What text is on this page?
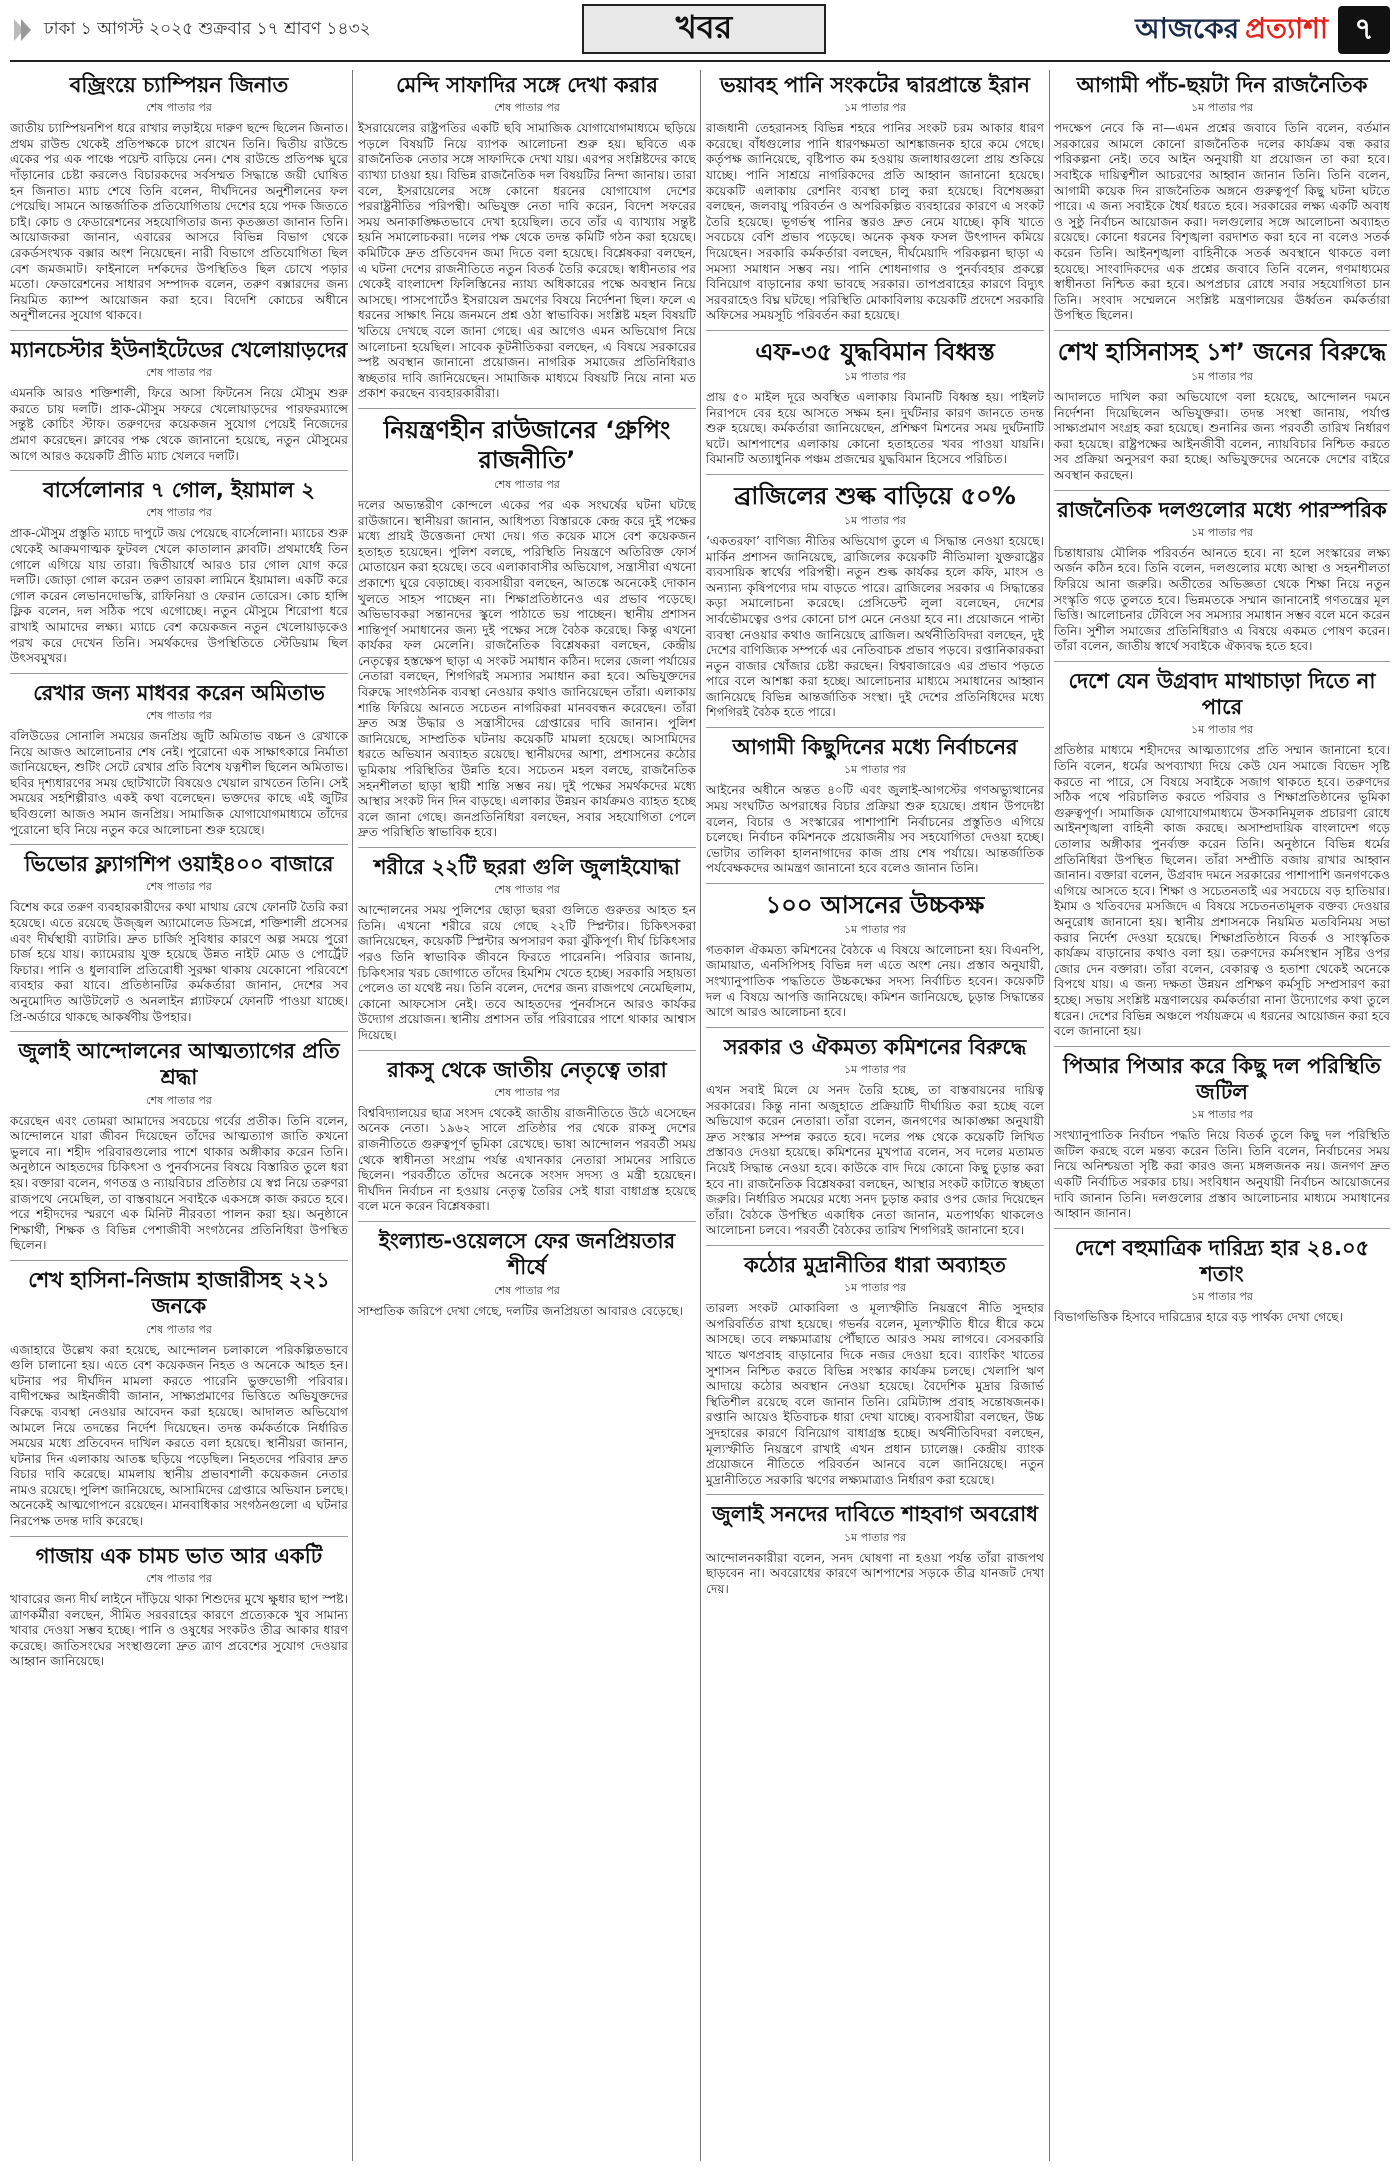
ঢাকা ১ আগস্ট ২০২৫ শুক্রবার ১৭ শ্রাবণ ১৪৩২	খবর	আজকের প্রত্যাশা ৭
বজ্রিংয়ে চ্যাম্পিয়ন জিনাত
শেষ পাতার পর
জাতীয় চ্যাম্পিয়নশিপ ধরে রাখার লড়াইয়ে দারুণ ছন্দে ছিলেন জিনাত। প্রথম রাউন্ড থেকেই প্রতিপক্ষকে চাপে রাখেন তিনি। দ্বিতীয় রাউন্ডে একের পর এক পাঞ্চে পয়েন্ট বাড়িয়ে নেন। শেষ রাউন্ডে প্রতিপক্ষ ঘুরে দাঁড়ানোর চেষ্টা করলেও বিচারকদের সর্বসম্মত সিদ্ধান্তে জয়ী ঘোষিত হন জিনাত। ম্যাচ শেষে তিনি বলেন, দীর্ঘদিনের অনুশীলনের ফল পেয়েছি। সামনে আন্তর্জাতিক প্রতিযোগিতায় দেশের হয়ে পদক জিততে চাই। কোচ ও ফেডারেশনের সহযোগিতার জন্য কৃতজ্ঞতা জানান তিনি। আয়োজকরা জানান, এবারের আসরে বিভিন্ন বিভাগ থেকে রেকর্ডসংখ্যক বক্সার অংশ নিয়েছেন। নারী বিভাগে প্রতিযোগিতা ছিল বেশ জমজমাট। ফাইনালে দর্শকদের উপস্থিতিও ছিল চোখে পড়ার মতো। ফেডারেশনের সাধারণ সম্পাদক বলেন, তরুণ বক্সারদের জন্য নিয়মিত ক্যাম্প আয়োজন করা হবে। বিদেশি কোচের অধীনে অনুশীলনের সুযোগ থাকবে।
ম্যানচেস্টার ইউনাইটেডের খেলোয়াড়দের
শেষ পাতার পর
এমনকি আরও শক্তিশালী, ফিরে আসা ফিটনেস নিয়ে মৌসুম শুরু করতে চায় দলটি। প্রাক-মৌসুম সফরে খেলোয়াড়দের পারফরম্যান্সে সন্তুষ্ট কোচিং স্টাফ। তরুণদের কয়েকজন সুযোগ পেয়েই নিজেদের প্রমাণ করেছেন। ক্লাবের পক্ষ থেকে জানানো হয়েছে, নতুন মৌসুমের আগে আরও কয়েকটি প্রীতি ম্যাচ খেলবে দলটি।
বার্সেলোনার ৭ গোল, ইয়ামাল ২
শেষ পাতার পর
প্রাক-মৌসুম প্রস্তুতি ম্যাচে দাপুটে জয় পেয়েছে বার্সেলোনা। ম্যাচের শুরু থেকেই আক্রমণাত্মক ফুটবল খেলে কাতালান ক্লাবটি। প্রথমার্ধেই তিন গোলে এগিয়ে যায় তারা। দ্বিতীয়ার্ধে আরও চার গোল যোগ করে দলটি। জোড়া গোল করেন তরুণ তারকা লামিনে ইয়ামাল। একটি করে গোল করেন লেভানদোভস্কি, রাফিনিয়া ও ফেরান তোরেস। কোচ হান্সি ফ্লিক বলেন, দল সঠিক পথে এগোচ্ছে। নতুন মৌসুমে শিরোপা ধরে রাখাই আমাদের লক্ষ্য। ম্যাচে বেশ কয়েকজন নতুন খেলোয়াড়কেও পরখ করে দেখেন তিনি। সমর্থকদের উপস্থিতিতে স্টেডিয়াম ছিল উৎসবমুখর।
রেখার জন্য মাধবর করেন অমিতাভ
শেষ পাতার পর
বলিউডের সোনালি সময়ের জনপ্রিয় জুটি অমিতাভ বচ্চন ও রেখাকে নিয়ে আজও আলোচনার শেষ নেই। পুরোনো এক সাক্ষাৎকারে নির্মাতা জানিয়েছেন, শুটিং সেটে রেখার প্রতি বিশেষ যত্নশীল ছিলেন অমিতাভ। ছবির দৃশ্যধারণের সময় ছোটখাটো বিষয়েও খেয়াল রাখতেন তিনি। সেই সময়ের সহশিল্পীরাও একই কথা বলেছেন। ভক্তদের কাছে এই জুটির ছবিগুলো আজও সমান জনপ্রিয়। সামাজিক যোগাযোগমাধ্যমে তাঁদের পুরোনো ছবি নিয়ে নতুন করে আলোচনা শুরু হয়েছে।
ভিভোর ফ্ল্যাগশিপ ওয়াই৪০০ বাজারে
শেষ পাতার পর
বিশেষ করে তরুণ ব্যবহারকারীদের কথা মাথায় রেখে ফোনটি তৈরি করা হয়েছে। এতে রয়েছে উজ্জ্বল অ্যামোলেড ডিসপ্লে, শক্তিশালী প্রসেসর এবং দীর্ঘস্থায়ী ব্যাটারি। দ্রুত চার্জিং সুবিধার কারণে অল্প সময়ে পুরো চার্জ হয়ে যায়। ক্যামেরায় যুক্ত হয়েছে উন্নত নাইট মোড ও পোর্ট্রেট ফিচার। পানি ও ধুলাবালি প্রতিরোধী সুরক্ষা থাকায় যেকোনো পরিবেশে ব্যবহার করা যাবে। প্রতিষ্ঠানটির কর্মকর্তারা জানান, দেশের সব অনুমোদিত আউটলেট ও অনলাইন প্ল্যাটফর্মে ফোনটি পাওয়া যাচ্ছে। প্রি-অর্ডারে থাকছে আকর্ষণীয় উপহার।
জুলাই আন্দোলনের আত্মত্যাগের প্রতি শ্রদ্ধা
শেষ পাতার পর
করেছেন এবং তোমরা আমাদের সবচেয়ে গর্বের প্রতীক। তিনি বলেন, আন্দোলনে যারা জীবন দিয়েছেন তাঁদের আত্মত্যাগ জাতি কখনো ভুলবে না। শহীদ পরিবারগুলোর পাশে থাকার অঙ্গীকার করেন তিনি। অনুষ্ঠানে আহতদের চিকিৎসা ও পুনর্বাসনের বিষয়ে বিস্তারিত তুলে ধরা হয়। বক্তারা বলেন, গণতন্ত্র ও ন্যায়বিচার প্রতিষ্ঠার যে স্বপ্ন নিয়ে তরুণরা রাজপথে নেমেছিল, তা বাস্তবায়নে সবাইকে একসঙ্গে কাজ করতে হবে। পরে শহীদদের স্মরণে এক মিনিট নীরবতা পালন করা হয়। অনুষ্ঠানে শিক্ষার্থী, শিক্ষক ও বিভিন্ন পেশাজীবী সংগঠনের প্রতিনিধিরা উপস্থিত ছিলেন।
শেখ হাসিনা-নিজাম হাজারীসহ ২২১ জনকে
শেষ পাতার পর
এজাহারে উল্লেখ করা হয়েছে, আন্দোলন চলাকালে পরিকল্পিতভাবে গুলি চালানো হয়। এতে বেশ কয়েকজন নিহত ও অনেকে আহত হন। ঘটনার পর দীর্ঘদিন মামলা করতে পারেনি ভুক্তভোগী পরিবার। বাদীপক্ষের আইনজীবী জানান, সাক্ষ্যপ্রমাণের ভিত্তিতে অভিযুক্তদের বিরুদ্ধে ব্যবস্থা নেওয়ার আবেদন করা হয়েছে। আদালত অভিযোগ আমলে নিয়ে তদন্তের নির্দেশ দিয়েছেন। তদন্ত কর্মকর্তাকে নির্ধারিত সময়ের মধ্যে প্রতিবেদন দাখিল করতে বলা হয়েছে। স্থানীয়রা জানান, ঘটনার দিন এলাকায় আতঙ্ক ছড়িয়ে পড়েছিল। নিহতদের পরিবার দ্রুত বিচার দাবি করেছে। মামলায় স্থানীয় প্রভাবশালী কয়েকজন নেতার নামও রয়েছে। পুলিশ জানিয়েছে, আসামিদের গ্রেপ্তারে অভিযান চলছে। অনেকেই আত্মগোপনে রয়েছেন। মানবাধিকার সংগঠনগুলো এ ঘটনার নিরপেক্ষ তদন্ত দাবি করেছে।
গাজায় এক চামচ ভাত আর একটি
শেষ পাতার পর
খাবারের জন্য দীর্ঘ লাইনে দাঁড়িয়ে থাকা শিশুদের মুখে ক্ষুধার ছাপ স্পষ্ট। ত্রাণকর্মীরা বলছেন, সীমিত সরবরাহের কারণে প্রত্যেককে খুব সামান্য খাবার দেওয়া সম্ভব হচ্ছে। পানি ও ওষুধের সংকটও তীব্র আকার ধারণ করেছে। জাতিসংঘের সংস্থাগুলো দ্রুত ত্রাণ প্রবেশের সুযোগ দেওয়ার আহ্বান জানিয়েছে।
মেন্দি সাফাদির সঙ্গে দেখা করার
শেষ পাতার পর
ইসরায়েলের রাষ্ট্রপতির একটি ছবি সামাজিক যোগাযোগমাধ্যমে ছড়িয়ে পড়লে বিষয়টি নিয়ে ব্যাপক আলোচনা শুরু হয়। ছবিতে এক রাজনৈতিক নেতার সঙ্গে সাফাদিকে দেখা যায়। এরপর সংশ্লিষ্টদের কাছে ব্যাখ্যা চাওয়া হয়। বিভিন্ন রাজনৈতিক দল বিষয়টির নিন্দা জানায়। তারা বলে, ইসরায়েলের সঙ্গে কোনো ধরনের যোগাযোগ দেশের পররাষ্ট্রনীতির পরিপন্থী। অভিযুক্ত নেতা দাবি করেন, বিদেশ সফরের সময় অনাকাঙ্ক্ষিতভাবে দেখা হয়েছিল। তবে তাঁর এ ব্যাখ্যায় সন্তুষ্ট হয়নি সমালোচকরা। দলের পক্ষ থেকে তদন্ত কমিটি গঠন করা হয়েছে। কমিটিকে দ্রুত প্রতিবেদন জমা দিতে বলা হয়েছে। বিশ্লেষকরা বলছেন, এ ঘটনা দেশের রাজনীতিতে নতুন বিতর্ক তৈরি করেছে। স্বাধীনতার পর থেকেই বাংলাদেশ ফিলিস্তিনের ন্যায্য অধিকারের পক্ষে অবস্থান নিয়ে আসছে। পাসপোর্টেও ইসরায়েল ভ্রমণের বিষয়ে নির্দেশনা ছিল। ফলে এ ধরনের সাক্ষাৎ নিয়ে জনমনে প্রশ্ন ওঠা স্বাভাবিক। সংশ্লিষ্ট মহল বিষয়টি খতিয়ে দেখছে বলে জানা গেছে। এর আগেও এমন অভিযোগ নিয়ে আলোচনা হয়েছিল। সাবেক কূটনীতিকরা বলছেন, এ বিষয়ে সরকারের স্পষ্ট অবস্থান জানানো প্রয়োজন। নাগরিক সমাজের প্রতিনিধিরাও স্বচ্ছতার দাবি জানিয়েছেন। সামাজিক মাধ্যমে বিষয়টি নিয়ে নানা মত প্রকাশ করছেন ব্যবহারকারীরা।
নিয়ন্ত্রণহীন রাউজানের ‘গ্রুপিং রাজনীতি’
শেষ পাতার পর
দলের অভ্যন্তরীণ কোন্দলে একের পর এক সংঘর্ষের ঘটনা ঘটছে রাউজানে। স্থানীয়রা জানান, আধিপত্য বিস্তারকে কেন্দ্র করে দুই পক্ষের মধ্যে প্রায়ই উত্তেজনা দেখা দেয়। গত কয়েক মাসে বেশ কয়েকজন হতাহত হয়েছেন। পুলিশ বলছে, পরিস্থিতি নিয়ন্ত্রণে অতিরিক্ত ফোর্স মোতায়েন করা হয়েছে। তবে এলাকাবাসীর অভিযোগ, সন্ত্রাসীরা এখনো প্রকাশ্যে ঘুরে বেড়াচ্ছে। ব্যবসায়ীরা বলছেন, আতঙ্কে অনেকেই দোকান খুলতে সাহস পাচ্ছেন না। শিক্ষাপ্রতিষ্ঠানেও এর প্রভাব পড়েছে। অভিভাবকরা সন্তানদের স্কুলে পাঠাতে ভয় পাচ্ছেন। স্থানীয় প্রশাসন শান্তিপূর্ণ সমাধানের জন্য দুই পক্ষের সঙ্গে বৈঠক করেছে। কিন্তু এখনো কার্যকর ফল মেলেনি। রাজনৈতিক বিশ্লেষকরা বলছেন, কেন্দ্রীয় নেতৃত্বের হস্তক্ষেপ ছাড়া এ সংকট সমাধান কঠিন। দলের জেলা পর্যায়ের নেতারা বলছেন, শিগগিরই সমস্যার সমাধান করা হবে। অভিযুক্তদের বিরুদ্ধে সাংগঠনিক ব্যবস্থা নেওয়ার কথাও জানিয়েছেন তাঁরা। এলাকায় শান্তি ফিরিয়ে আনতে সচেতন নাগরিকরা মানববন্ধন করেছেন। তাঁরা দ্রুত অস্ত্র উদ্ধার ও সন্ত্রাসীদের গ্রেপ্তারের দাবি জানান। পুলিশ জানিয়েছে, সাম্প্রতিক ঘটনায় কয়েকটি মামলা হয়েছে। আসামিদের ধরতে অভিযান অব্যাহত রয়েছে। স্থানীয়দের আশা, প্রশাসনের কঠোর ভূমিকায় পরিস্থিতির উন্নতি হবে। সচেতন মহল বলছে, রাজনৈতিক সহনশীলতা ছাড়া স্থায়ী শান্তি সম্ভব নয়। দুই পক্ষের সমর্থকদের মধ্যে আস্থার সংকট দিন দিন বাড়ছে। এলাকার উন্নয়ন কার্যক্রমও ব্যাহত হচ্ছে বলে জানা গেছে। জনপ্রতিনিধিরা বলছেন, সবার সহযোগিতা পেলে দ্রুত পরিস্থিতি স্বাভাবিক হবে।
শরীরে ২২টি ছররা গুলি জুলাইযোদ্ধা
শেষ পাতার পর
আন্দোলনের সময় পুলিশের ছোড়া ছররা গুলিতে গুরুতর আহত হন তিনি। এখনো শরীরে রয়ে গেছে ২২টি স্প্লিন্টার। চিকিৎসকরা জানিয়েছেন, কয়েকটি স্প্লিন্টার অপসারণ করা ঝুঁকিপূর্ণ। দীর্ঘ চিকিৎসার পরও তিনি স্বাভাবিক জীবনে ফিরতে পারেননি। পরিবার জানায়, চিকিৎসার খরচ জোগাতে তাঁদের হিমশিম খেতে হচ্ছে। সরকারি সহায়তা পেলেও তা যথেষ্ট নয়। তিনি বলেন, দেশের জন্য রাজপথে নেমেছিলাম, কোনো আফসোস নেই। তবে আহতদের পুনর্বাসনে আরও কার্যকর উদ্যোগ প্রয়োজন। স্থানীয় প্রশাসন তাঁর পরিবারের পাশে থাকার আশ্বাস দিয়েছে।
রাকসু থেকে জাতীয় নেতৃত্বে তারা
শেষ পাতার পর
বিশ্ববিদ্যালয়ের ছাত্র সংসদ থেকেই জাতীয় রাজনীতিতে উঠে এসেছেন অনেক নেতা। ১৯৬২ সালে প্রতিষ্ঠার পর থেকে রাকসু দেশের রাজনীতিতে গুরুত্বপূর্ণ ভূমিকা রেখেছে। ভাষা আন্দোলন পরবর্তী সময় থেকে স্বাধীনতা সংগ্রাম পর্যন্ত এখানকার নেতারা সামনের সারিতে ছিলেন। পরবর্তীতে তাঁদের অনেকে সংসদ সদস্য ও মন্ত্রী হয়েছেন। দীর্ঘদিন নির্বাচন না হওয়ায় নেতৃত্ব তৈরির সেই ধারা বাধাগ্রস্ত হয়েছে বলে মনে করেন বিশ্লেষকরা।
ইংল্যান্ড-ওয়েলসে ফের জনপ্রিয়তার শীর্ষে
শেষ পাতার পর
সাম্প্রতিক জরিপে দেখা গেছে, দলটির জনপ্রিয়তা আবারও বেড়েছে।
ভয়াবহ পানি সংকটের দ্বারপ্রান্তে ইরান
১ম পাতার পর
রাজধানী তেহরানসহ বিভিন্ন শহরে পানির সংকট চরম আকার ধারণ করেছে। বাঁধগুলোর পানি ধারণক্ষমতা আশঙ্কাজনক হারে কমে গেছে। কর্তৃপক্ষ জানিয়েছে, বৃষ্টিপাত কম হওয়ায় জলাধারগুলো প্রায় শুকিয়ে যাচ্ছে। পানি সাশ্রয়ে নাগরিকদের প্রতি আহ্বান জানানো হয়েছে। কয়েকটি এলাকায় রেশনিং ব্যবস্থা চালু করা হয়েছে। বিশেষজ্ঞরা বলছেন, জলবায়ু পরিবর্তন ও অপরিকল্পিত ব্যবহারের কারণে এ সংকট তৈরি হয়েছে। ভূগর্ভস্থ পানির স্তরও দ্রুত নেমে যাচ্ছে। কৃষি খাতে সবচেয়ে বেশি প্রভাব পড়েছে। অনেক কৃষক ফসল উৎপাদন কমিয়ে দিয়েছেন। সরকারি কর্মকর্তারা বলছেন, দীর্ঘমেয়াদি পরিকল্পনা ছাড়া এ সমস্যা সমাধান সম্ভব নয়। পানি শোধনাগার ও পুনর্ব্যবহার প্রকল্পে বিনিয়োগ বাড়ানোর কথা ভাবছে সরকার। তাপপ্রবাহের কারণে বিদ্যুৎ সরবরাহেও বিঘ্ন ঘটছে। পরিস্থিতি মোকাবিলায় কয়েকটি প্রদেশে সরকারি অফিসের সময়সূচি পরিবর্তন করা হয়েছে।
এফ-৩৫ যুদ্ধবিমান বিধ্বস্ত
১ম পাতার পর
প্রায় ৫০ মাইল দূরে অবস্থিত এলাকায় বিমানটি বিধ্বস্ত হয়। পাইলট নিরাপদে বের হয়ে আসতে সক্ষম হন। দুর্ঘটনার কারণ জানতে তদন্ত শুরু হয়েছে। কর্মকর্তারা জানিয়েছেন, প্রশিক্ষণ মিশনের সময় দুর্ঘটনাটি ঘটে। আশপাশের এলাকায় কোনো হতাহতের খবর পাওয়া যায়নি। বিমানটি অত্যাধুনিক পঞ্চম প্রজন্মের যুদ্ধবিমান হিসেবে পরিচিত।
ব্রাজিলের শুল্ক বাড়িয়ে ৫০%
১ম পাতার পর
‘একতরফা’ বাণিজ্য নীতির অভিযোগ তুলে এ সিদ্ধান্ত নেওয়া হয়েছে। মার্কিন প্রশাসন জানিয়েছে, ব্রাজিলের কয়েকটি নীতিমালা যুক্তরাষ্ট্রের ব্যবসায়িক স্বার্থের পরিপন্থী। নতুন শুল্ক কার্যকর হলে কফি, মাংস ও অন্যান্য কৃষিপণ্যের দাম বাড়তে পারে। ব্রাজিলের সরকার এ সিদ্ধান্তের কড়া সমালোচনা করেছে। প্রেসিডেন্ট লুলা বলেছেন, দেশের সার্বভৌমত্বের ওপর কোনো চাপ মেনে নেওয়া হবে না। প্রয়োজনে পাল্টা ব্যবস্থা নেওয়ার কথাও জানিয়েছে ব্রাজিল। অর্থনীতিবিদরা বলছেন, দুই দেশের বাণিজ্যিক সম্পর্কে এর নেতিবাচক প্রভাব পড়বে। রপ্তানিকারকরা নতুন বাজার খোঁজার চেষ্টা করছেন। বিশ্ববাজারেও এর প্রভাব পড়তে পারে বলে আশঙ্কা করা হচ্ছে। আলোচনার মাধ্যমে সমাধানের আহ্বান জানিয়েছে বিভিন্ন আন্তর্জাতিক সংস্থা। দুই দেশের প্রতিনিধিদের মধ্যে শিগগিরই বৈঠক হতে পারে।
আগামী কিছুদিনের মধ্যে নির্বাচনের
১ম পাতার পর
আইনের অধীনে অন্তত ৪০টি এবং জুলাই-আগস্টের গণঅভ্যুত্থানের সময় সংঘটিত অপরাধের বিচার প্রক্রিয়া শুরু হয়েছে। প্রধান উপদেষ্টা বলেন, বিচার ও সংস্কারের পাশাপাশি নির্বাচনের প্রস্তুতিও এগিয়ে চলেছে। নির্বাচন কমিশনকে প্রয়োজনীয় সব সহযোগিতা দেওয়া হচ্ছে। ভোটার তালিকা হালনাগাদের কাজ প্রায় শেষ পর্যায়ে। আন্তর্জাতিক পর্যবেক্ষকদের আমন্ত্রণ জানানো হবে বলেও জানান তিনি।
১০০ আসনের উচ্চকক্ষ
১ম পাতার পর
গতকাল ঐকমত্য কমিশনের বৈঠকে এ বিষয়ে আলোচনা হয়। বিএনপি, জামায়াত, এনসিপিসহ বিভিন্ন দল এতে অংশ নেয়। প্রস্তাব অনুযায়ী, সংখ্যানুপাতিক পদ্ধতিতে উচ্চকক্ষের সদস্য নির্বাচিত হবেন। কয়েকটি দল এ বিষয়ে আপত্তি জানিয়েছে। কমিশন জানিয়েছে, চূড়ান্ত সিদ্ধান্তের আগে আরও আলোচনা হবে।
সরকার ও ঐকমত্য কমিশনের বিরুদ্ধে
১ম পাতার পর
এখন সবাই মিলে যে সনদ তৈরি হচ্ছে, তা বাস্তবায়নের দায়িত্ব সরকারের। কিন্তু নানা অজুহাতে প্রক্রিয়াটি দীর্ঘায়িত করা হচ্ছে বলে অভিযোগ করেন নেতারা। তাঁরা বলেন, জনগণের আকাঙ্ক্ষা অনুযায়ী দ্রুত সংস্কার সম্পন্ন করতে হবে। দলের পক্ষ থেকে কয়েকটি লিখিত প্রস্তাবও দেওয়া হয়েছে। কমিশনের মুখপাত্র বলেন, সব দলের মতামত নিয়েই সিদ্ধান্ত নেওয়া হবে। কাউকে বাদ দিয়ে কোনো কিছু চূড়ান্ত করা হবে না। রাজনৈতিক বিশ্লেষকরা বলছেন, আস্থার সংকট কাটাতে স্বচ্ছতা জরুরি। নির্ধারিত সময়ের মধ্যে সনদ চূড়ান্ত করার ওপর জোর দিয়েছেন তাঁরা। বৈঠকে উপস্থিত একাধিক নেতা জানান, মতপার্থক্য থাকলেও আলোচনা চলবে। পরবর্তী বৈঠকের তারিখ শিগগিরই জানানো হবে।
কঠোর মুদ্রানীতির ধারা অব্যাহত
১ম পাতার পর
তারল্য সংকট মোকাবিলা ও মূল্যস্ফীতি নিয়ন্ত্রণে নীতি সুদহার অপরিবর্তিত রাখা হয়েছে। গভর্নর বলেন, মূল্যস্ফীতি ধীরে ধীরে কমে আসছে। তবে লক্ষ্যমাত্রায় পৌঁছাতে আরও সময় লাগবে। বেসরকারি খাতে ঋণপ্রবাহ বাড়ানোর দিকে নজর দেওয়া হবে। ব্যাংকিং খাতের সুশাসন নিশ্চিত করতে বিভিন্ন সংস্কার কার্যক্রম চলছে। খেলাপি ঋণ আদায়ে কঠোর অবস্থান নেওয়া হয়েছে। বৈদেশিক মুদ্রার রিজার্ভ স্থিতিশীল রয়েছে বলে জানান তিনি। রেমিট্যান্স প্রবাহ সন্তোষজনক। রপ্তানি আয়েও ইতিবাচক ধারা দেখা যাচ্ছে। ব্যবসায়ীরা বলছেন, উচ্চ সুদহারের কারণে বিনিয়োগ বাধাগ্রস্ত হচ্ছে। অর্থনীতিবিদরা বলছেন, মূল্যস্ফীতি নিয়ন্ত্রণে রাখাই এখন প্রধান চ্যালেঞ্জ। কেন্দ্রীয় ব্যাংক প্রয়োজনে নীতিতে পরিবর্তন আনবে বলে জানিয়েছে। নতুন মুদ্রানীতিতে সরকারি ঋণের লক্ষ্যমাত্রাও নির্ধারণ করা হয়েছে।
জুলাই সনদের দাবিতে শাহবাগ অবরোধ
১ম পাতার পর
আন্দোলনকারীরা বলেন, সনদ ঘোষণা না হওয়া পর্যন্ত তাঁরা রাজপথ ছাড়বেন না। অবরোধের কারণে আশপাশের সড়কে তীব্র যানজট দেখা দেয়।
আগামী পাঁচ-ছয়টা দিন রাজনৈতিক
১ম পাতার পর
পদক্ষেপ নেবে কি না—এমন প্রশ্নের জবাবে তিনি বলেন, বর্তমান সরকারের আমলে কোনো রাজনৈতিক দলের কার্যক্রম বন্ধ করার পরিকল্পনা নেই। তবে আইন অনুযায়ী যা প্রয়োজন তা করা হবে। সবাইকে দায়িত্বশীল আচরণের আহ্বান জানান তিনি। তিনি বলেন, আগামী কয়েক দিন রাজনৈতিক অঙ্গনে গুরুত্বপূর্ণ কিছু ঘটনা ঘটতে পারে। এ জন্য সবাইকে ধৈর্য ধরতে হবে। সরকারের লক্ষ্য একটি অবাধ ও সুষ্ঠু নির্বাচন আয়োজন করা। দলগুলোর সঙ্গে আলোচনা অব্যাহত রয়েছে। কোনো ধরনের বিশৃঙ্খলা বরদাশত করা হবে না বলেও সতর্ক করেন তিনি। আইনশৃঙ্খলা বাহিনীকে সতর্ক অবস্থানে থাকতে বলা হয়েছে। সাংবাদিকদের এক প্রশ্নের জবাবে তিনি বলেন, গণমাধ্যমের স্বাধীনতা নিশ্চিত করা হবে। অপপ্রচার রোধে সবার সহযোগিতা চান তিনি। সংবাদ সম্মেলনে সংশ্লিষ্ট মন্ত্রণালয়ের ঊর্ধ্বতন কর্মকর্তারা উপস্থিত ছিলেন।
শেখ হাসিনাসহ ১শ’ জনের বিরুদ্ধে
১ম পাতার পর
আদালতে দাখিল করা অভিযোগে বলা হয়েছে, আন্দোলন দমনে নির্দেশনা দিয়েছিলেন অভিযুক্তরা। তদন্ত সংস্থা জানায়, পর্যাপ্ত সাক্ষ্যপ্রমাণ সংগ্রহ করা হয়েছে। শুনানির জন্য পরবর্তী তারিখ নির্ধারণ করা হয়েছে। রাষ্ট্রপক্ষের আইনজীবী বলেন, ন্যায়বিচার নিশ্চিত করতে সব প্রক্রিয়া অনুসরণ করা হচ্ছে। অভিযুক্তদের অনেকে দেশের বাইরে অবস্থান করছেন।
রাজনৈতিক দলগুলোর মধ্যে পারস্পরিক
১ম পাতার পর
চিন্তাধারায় মৌলিক পরিবর্তন আনতে হবে। না হলে সংস্কারের লক্ষ্য অর্জন কঠিন হবে। তিনি বলেন, দলগুলোর মধ্যে আস্থা ও সহনশীলতা ফিরিয়ে আনা জরুরি। অতীতের অভিজ্ঞতা থেকে শিক্ষা নিয়ে নতুন সংস্কৃতি গড়ে তুলতে হবে। ভিন্নমতকে সম্মান জানানোই গণতন্ত্রের মূল ভিত্তি। আলোচনার টেবিলে সব সমস্যার সমাধান সম্ভব বলে মনে করেন তিনি। সুশীল সমাজের প্রতিনিধিরাও এ বিষয়ে একমত পোষণ করেন। তাঁরা বলেন, জাতীয় স্বার্থে সবাইকে ঐক্যবদ্ধ হতে হবে।
দেশে যেন উগ্রবাদ মাথাচাড়া দিতে না পারে
১ম পাতার পর
প্রতিষ্ঠার মাধ্যমে শহীদদের আত্মত্যাগের প্রতি সম্মান জানানো হবে। তিনি বলেন, ধর্মের অপব্যাখ্যা দিয়ে কেউ যেন সমাজে বিভেদ সৃষ্টি করতে না পারে, সে বিষয়ে সবাইকে সজাগ থাকতে হবে। তরুণদের সঠিক পথে পরিচালিত করতে পরিবার ও শিক্ষাপ্রতিষ্ঠানের ভূমিকা গুরুত্বপূর্ণ। সামাজিক যোগাযোগমাধ্যমে উসকানিমূলক প্রচারণা রোধে আইনশৃঙ্খলা বাহিনী কাজ করছে। অসাম্প্রদায়িক বাংলাদেশ গড়ে তোলার অঙ্গীকার পুনর্ব্যক্ত করেন তিনি। অনুষ্ঠানে বিভিন্ন ধর্মের প্রতিনিধিরা উপস্থিত ছিলেন। তাঁরা সম্প্রীতি বজায় রাখার আহ্বান জানান। বক্তারা বলেন, উগ্রবাদ দমনে সরকারের পাশাপাশি জনগণকেও এগিয়ে আসতে হবে। শিক্ষা ও সচেতনতাই এর সবচেয়ে বড় হাতিয়ার। ইমাম ও খতিবদের মসজিদে এ বিষয়ে সচেতনতামূলক বক্তব্য দেওয়ার অনুরোধ জানানো হয়। স্থানীয় প্রশাসনকে নিয়মিত মতবিনিময় সভা করার নির্দেশ দেওয়া হয়েছে। শিক্ষাপ্রতিষ্ঠানে বিতর্ক ও সাংস্কৃতিক কার্যক্রম বাড়ানোর কথাও বলা হয়। তরুণদের কর্মসংস্থান সৃষ্টির ওপর জোর দেন বক্তারা। তাঁরা বলেন, বেকারত্ব ও হতাশা থেকেই অনেকে বিপথে যায়। এ জন্য দক্ষতা উন্নয়ন প্রশিক্ষণ কর্মসূচি সম্প্রসারণ করা হচ্ছে। সভায় সংশ্লিষ্ট মন্ত্রণালয়ের কর্মকর্তারা নানা উদ্যোগের কথা তুলে ধরেন। দেশের বিভিন্ন অঞ্চলে পর্যায়ক্রমে এ ধরনের আয়োজন করা হবে বলে জানানো হয়।
পিআর পিআর করে কিছু দল পরিস্থিতি জটিল
১ম পাতার পর
সংখ্যানুপাতিক নির্বাচন পদ্ধতি নিয়ে বিতর্ক তুলে কিছু দল পরিস্থিতি জটিল করছে বলে মন্তব্য করেন তিনি। তিনি বলেন, নির্বাচনের সময় নিয়ে অনিশ্চয়তা সৃষ্টি করা কারও জন্য মঙ্গলজনক নয়। জনগণ দ্রুত একটি নির্বাচিত সরকার চায়। সংবিধান অনুযায়ী নির্বাচন আয়োজনের দাবি জানান তিনি। দলগুলোর প্রস্তাব আলোচনার মাধ্যমে সমাধানের আহ্বান জানান।
দেশে বহুমাত্রিক দারিদ্র্য হার ২৪.০৫ শতাং
১ম পাতার পর
বিভাগভিত্তিক হিসাবে দারিদ্র্যের হারে বড় পার্থক্য দেখা গেছে।
